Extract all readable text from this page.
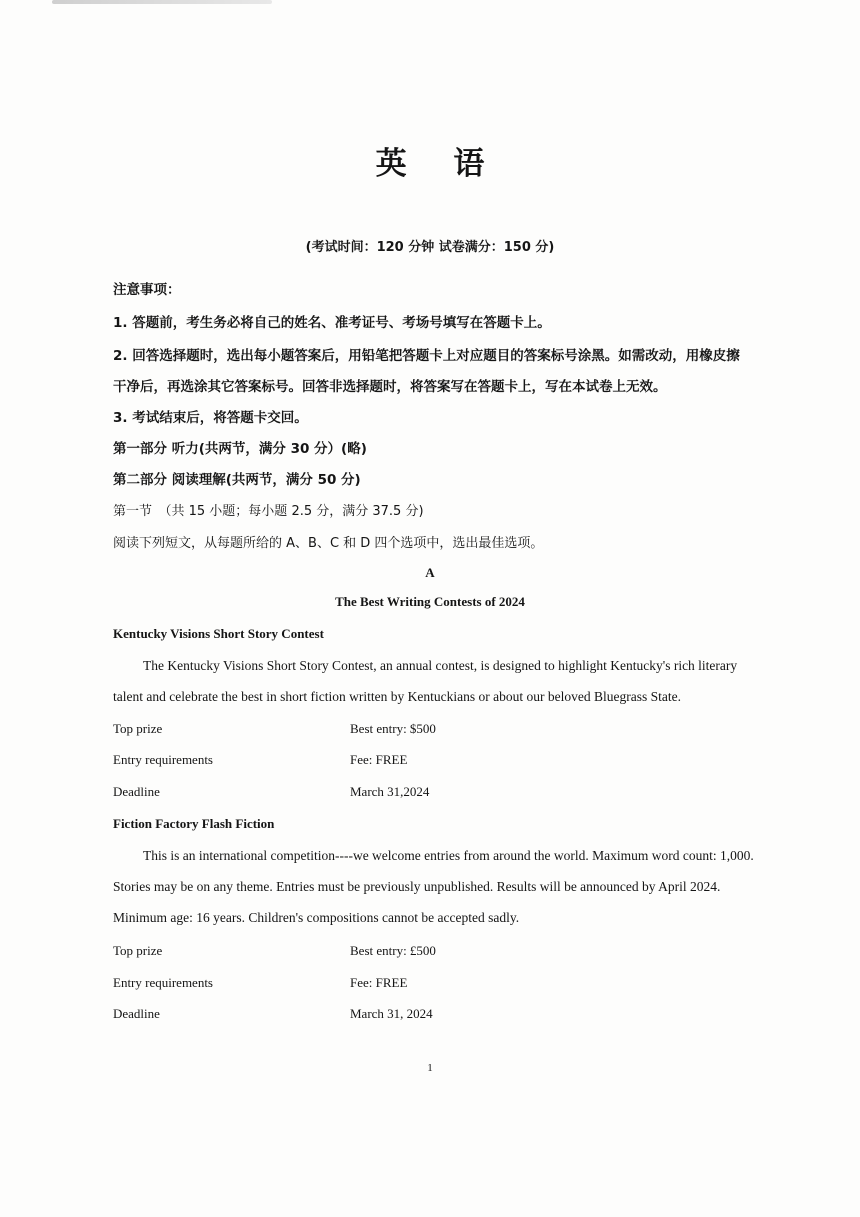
英 语
(考试时间：120 分钟 试卷满分：150 分)
注意事项：
1. 答题前，考生务必将自己的姓名、准考证号、考场号填写在答题卡上。
2. 回答选择题时，选出每小题答案后，用铅笔把答题卡上对应题目的答案标号涂黑。如需改动，用橡皮擦
干净后，再选涂其它答案标号。回答非选择题时，将答案写在答题卡上，写在本试卷上无效。
3. 考试结束后，将答题卡交回。
第一部分 听力(共两节，满分 30 分）(略)
第二部分 阅读理解(共两节，满分 50 分)
第一节　（共 15 小题；每小题 2.5 分，满分 37.5 分)
阅读下列短文，从每题所给的 A、B、C 和 D 四个选项中，选出最佳选项。
A
The Best Writing Contests of 2024
Kentucky Visions Short Story Contest
The Kentucky Visions Short Story Contest, an annual contest, is designed to highlight Kentucky's rich literary talent and celebrate the best in short fiction written by Kentuckians or about our beloved Bluegrass State.
Top prize	Best entry: $500
Entry requirements	Fee: FREE
Deadline	March 31,2024
Fiction Factory Flash Fiction
This is an international competition----we welcome entries from around the world. Maximum word count: 1,000. Stories may be on any theme. Entries must be previously unpublished. Results will be announced by April 2024. Minimum age: 16 years. Children's compositions cannot be accepted sadly.
Top prize	Best entry: £500
Entry requirements	Fee: FREE
Deadline	March 31, 2024
1
